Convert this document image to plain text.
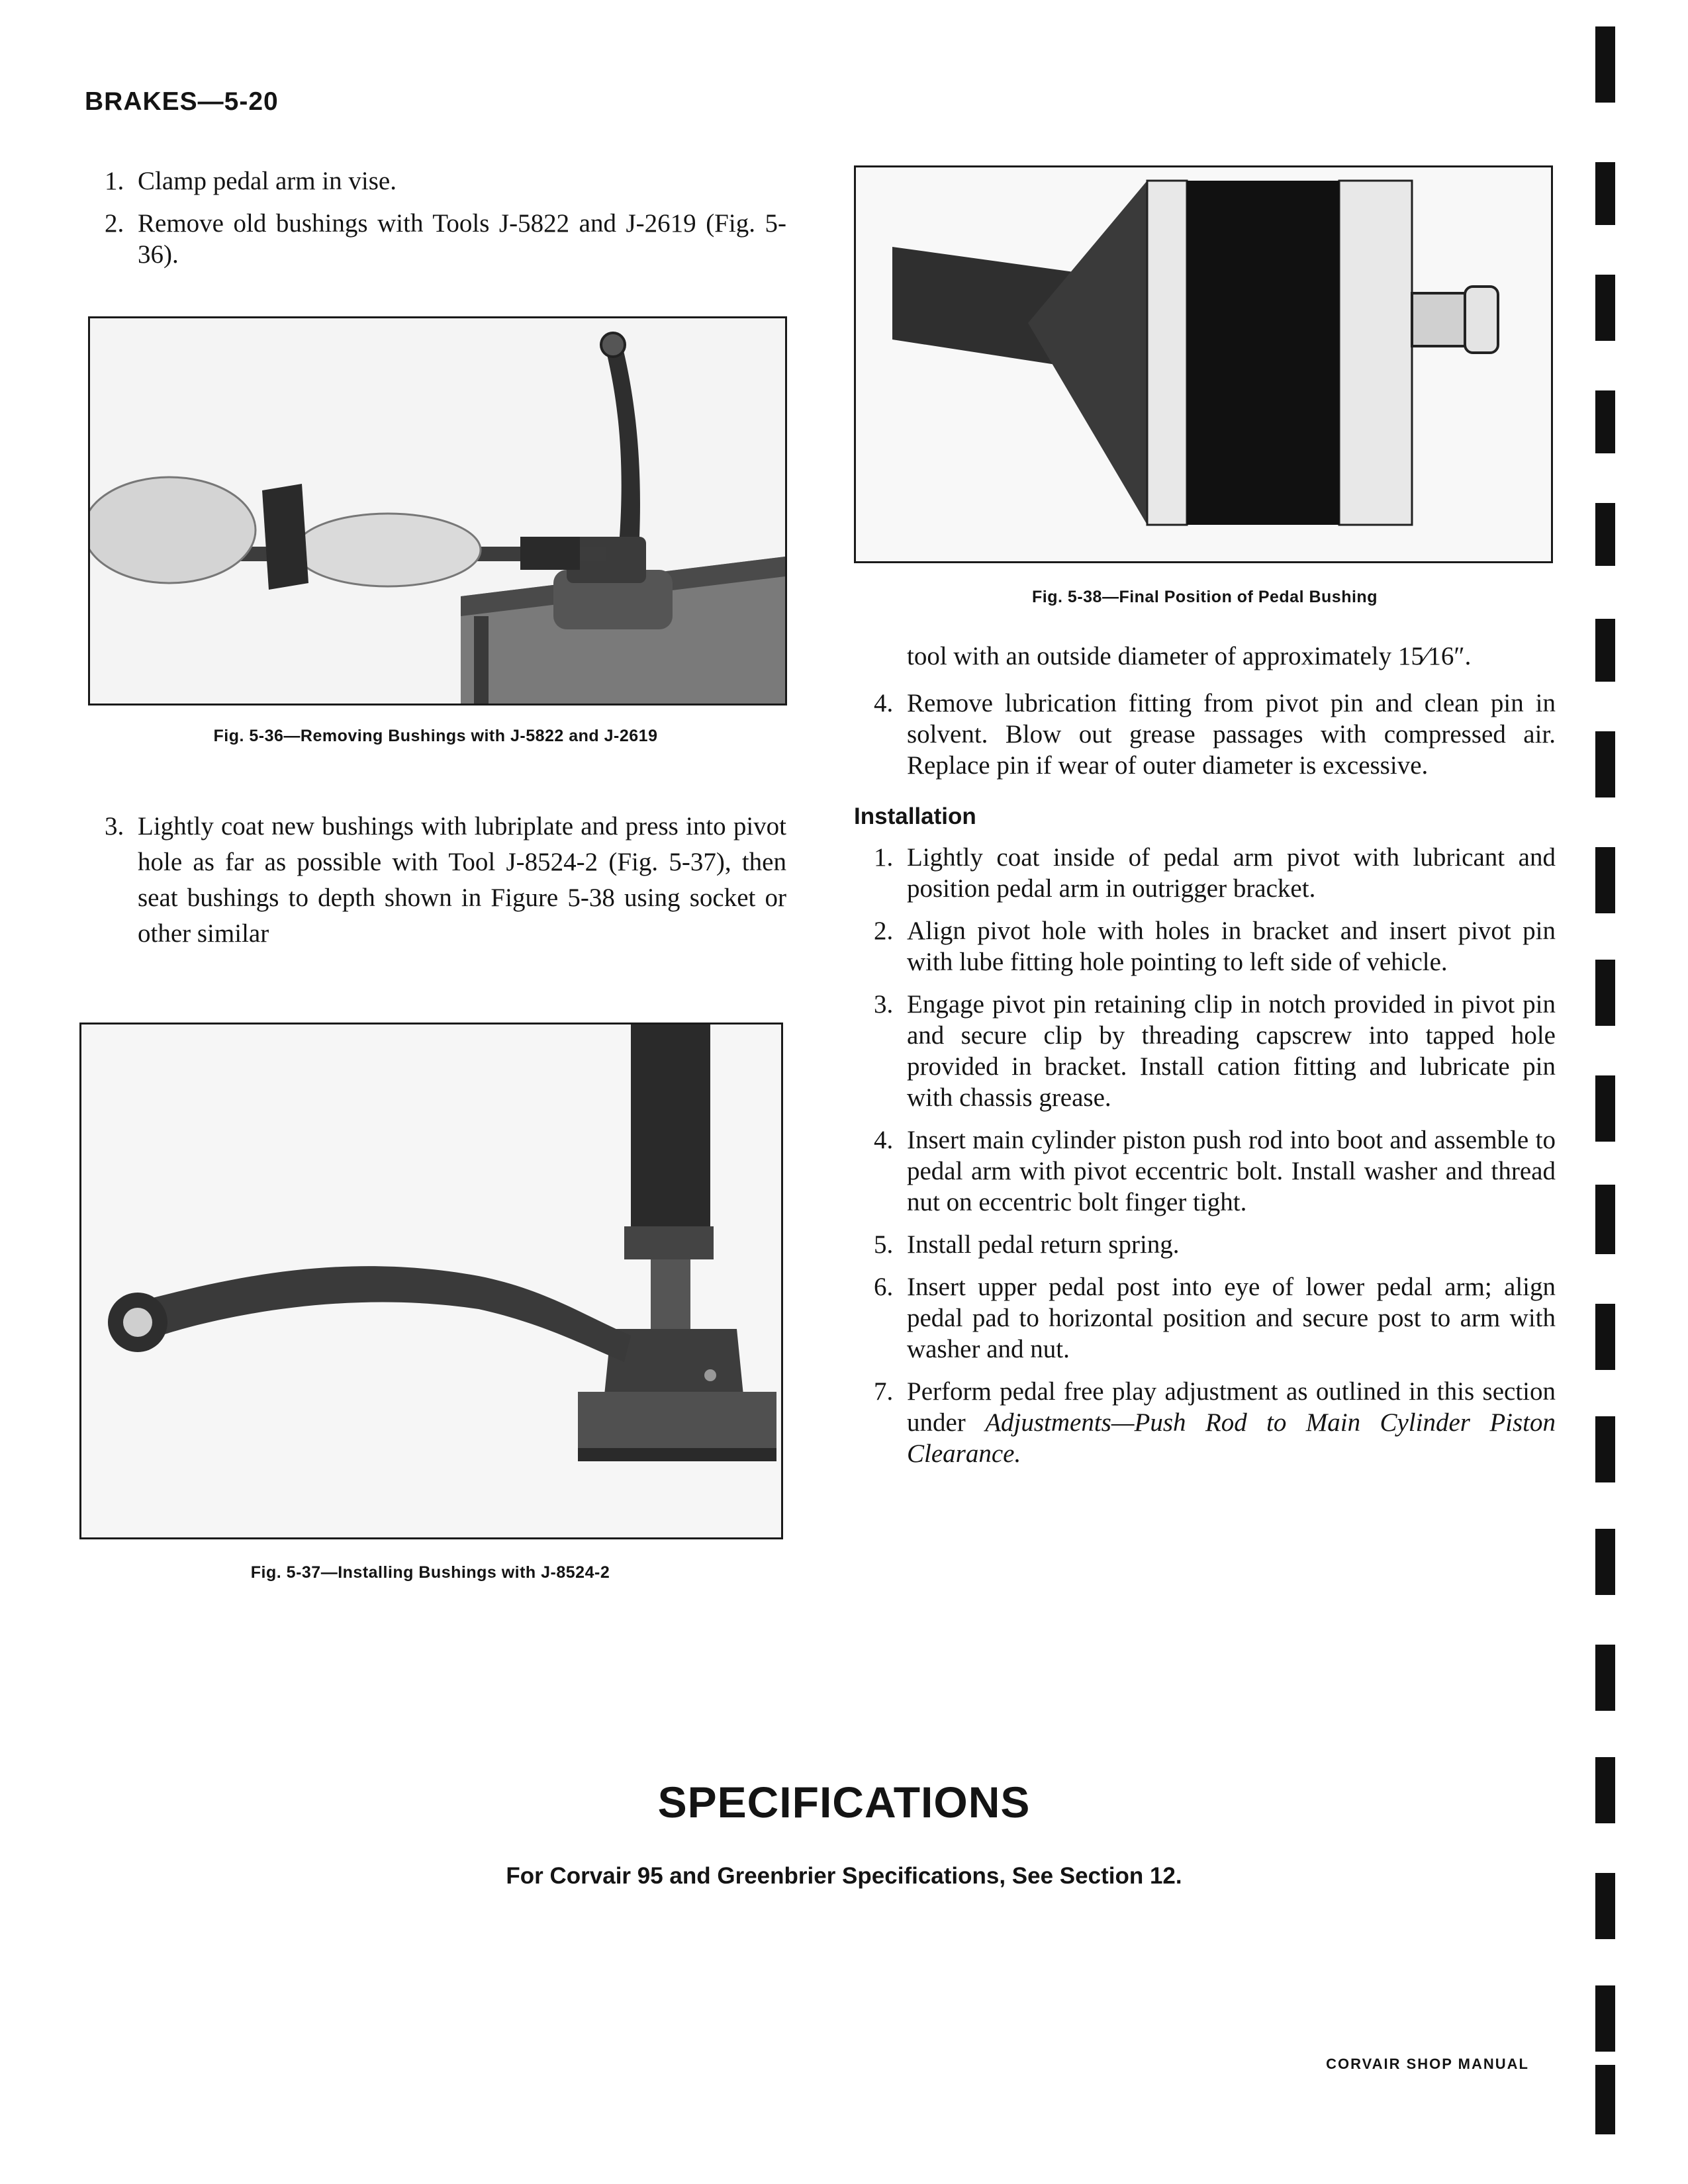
BRAKES—5-20
1. Clamp pedal arm in vise.
2. Remove old bushings with Tools J-5822 and J-2619 (Fig. 5-36).
Fig. 5-36—Removing Bushings with J-5822 and J-2619
3. Lightly coat new bushings with lubriplate and press into pivot hole as far as possible with Tool J-8524-2 (Fig. 5-37), then seat bushings to depth shown in Figure 5-38 using socket or other similar
Fig. 5-37—Installing Bushings with J-8524-2
Fig. 5-38—Final Position of Pedal Bushing

tool with an outside diameter of approximately 15⁄16″.

4. Remove lubrication fitting from pivot pin and clean pin in solvent. Blow out grease passages with compressed air. Replace pin if wear of outer diameter is excessive.
Installation
1. Lightly coat inside of pedal arm pivot with lubricant and position pedal arm in outrigger bracket.
2. Align pivot hole with holes in bracket and insert pivot pin with lube fitting hole pointing to left side of vehicle.
3. Engage pivot pin retaining clip in notch provided in pivot pin and secure clip by threading capscrew into tapped hole provided in bracket. Install cation fitting and lubricate pin with chassis grease.
4. Insert main cylinder piston push rod into boot and assemble to pedal arm with pivot eccentric bolt. Install washer and thread nut on eccentric bolt finger tight.
5. Install pedal return spring.
6. Insert upper pedal post into eye of lower pedal arm; align pedal pad to horizontal position and secure post to arm with washer and nut.
7. Perform pedal free play adjustment as outlined in this section under Adjustments—Push Rod to Main Cylinder Piston Clearance.
SPECIFICATIONS
For Corvair 95 and Greenbrier Specifications, See Section 12.
CORVAIR SHOP MANUAL
